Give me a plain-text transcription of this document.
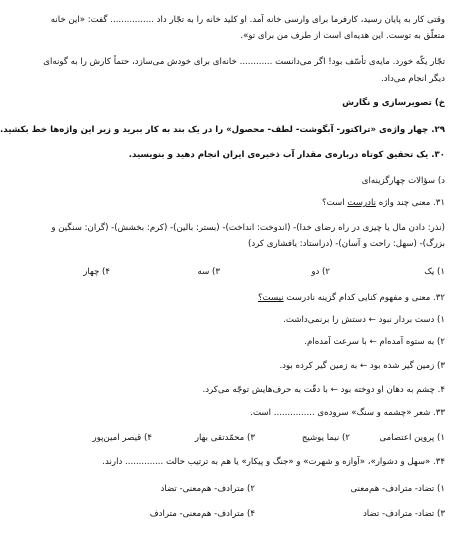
وقتی کار به پایان رسید، کارفرما برای وارسی خانه آمد. او کلید خانه را به تجّار داد ................ گفت: «این خانه
متعلّق به توست. این هدیه‌ای است از طرف من برای تو».
تجّار یکّه خورد. مایه‌ی تأسّف بود! اگر می‌دانست ............ خانه‌ای برای خودش می‌سازد، حتماً کارش را به گونه‌ای
دیگر انجام می‌داد.
خ) تصویرسازی و نگارش
۲۹. چهار واژه‌ی «تراکتور- آبگوشت- لطف- محصول» را در یک بند به کار ببرید و زیر این واژه‌ها خط بکشید.
۳۰. یک تحقیق کوتاه درباره‌ی مقدار آب ذخیره‌ی ایران انجام دهید و بنویسید.
د) سؤالات چهارگزینه‌ای
۳۱. معنی چند واژه نادرست است؟
(نذر: دادن مال یا چیزی در راه رضای خدا)- (اندوخت: انداخت)- (بستر: بالین)- (کرم: بخشش)- (گران: سنگین و
بزرگ)- (سهل: راحت و آسان)- (دراستاد: یافشاری کرد)
۱) یک
۲) دو
۳) سه
۴) چهار
۳۲. معنی و مفهوم کنایی کدام گزینه نادرست نیست؟
۱) دست بردار نبود ← دستش را برنمی‌داشت.
۲) به ستوه آمده‌ام ← با سرعت آمده‌ام.
۳) زمین گیر شده بود ← به زمین گیر کرده بود.
۴. چشم به دهان او دوخته بود ← با دقّت به حرف‌هایش توجّه می‌کرد.
۳۳. شعر «چشمه و سنگ» سروده‌ی ............... است.
۱) پروین اعتصامی
۲) نیما یوشیج
۳) محمّدتقی بهار
۴) قیصر امین‌پور
۳۴. «سهل و دشوار»، «آوازه و شهرت» و «جنگ و پیکار» یا هم به ترتیب حالت .............. دارند.
۱) تضاد- مترادف- هم‌معنی
۲) مترادف- هم‌معنی- تضاد
۳) تضاد- مترادف- تضاد
۴) مترادف- هم‌معنی- مترادف
